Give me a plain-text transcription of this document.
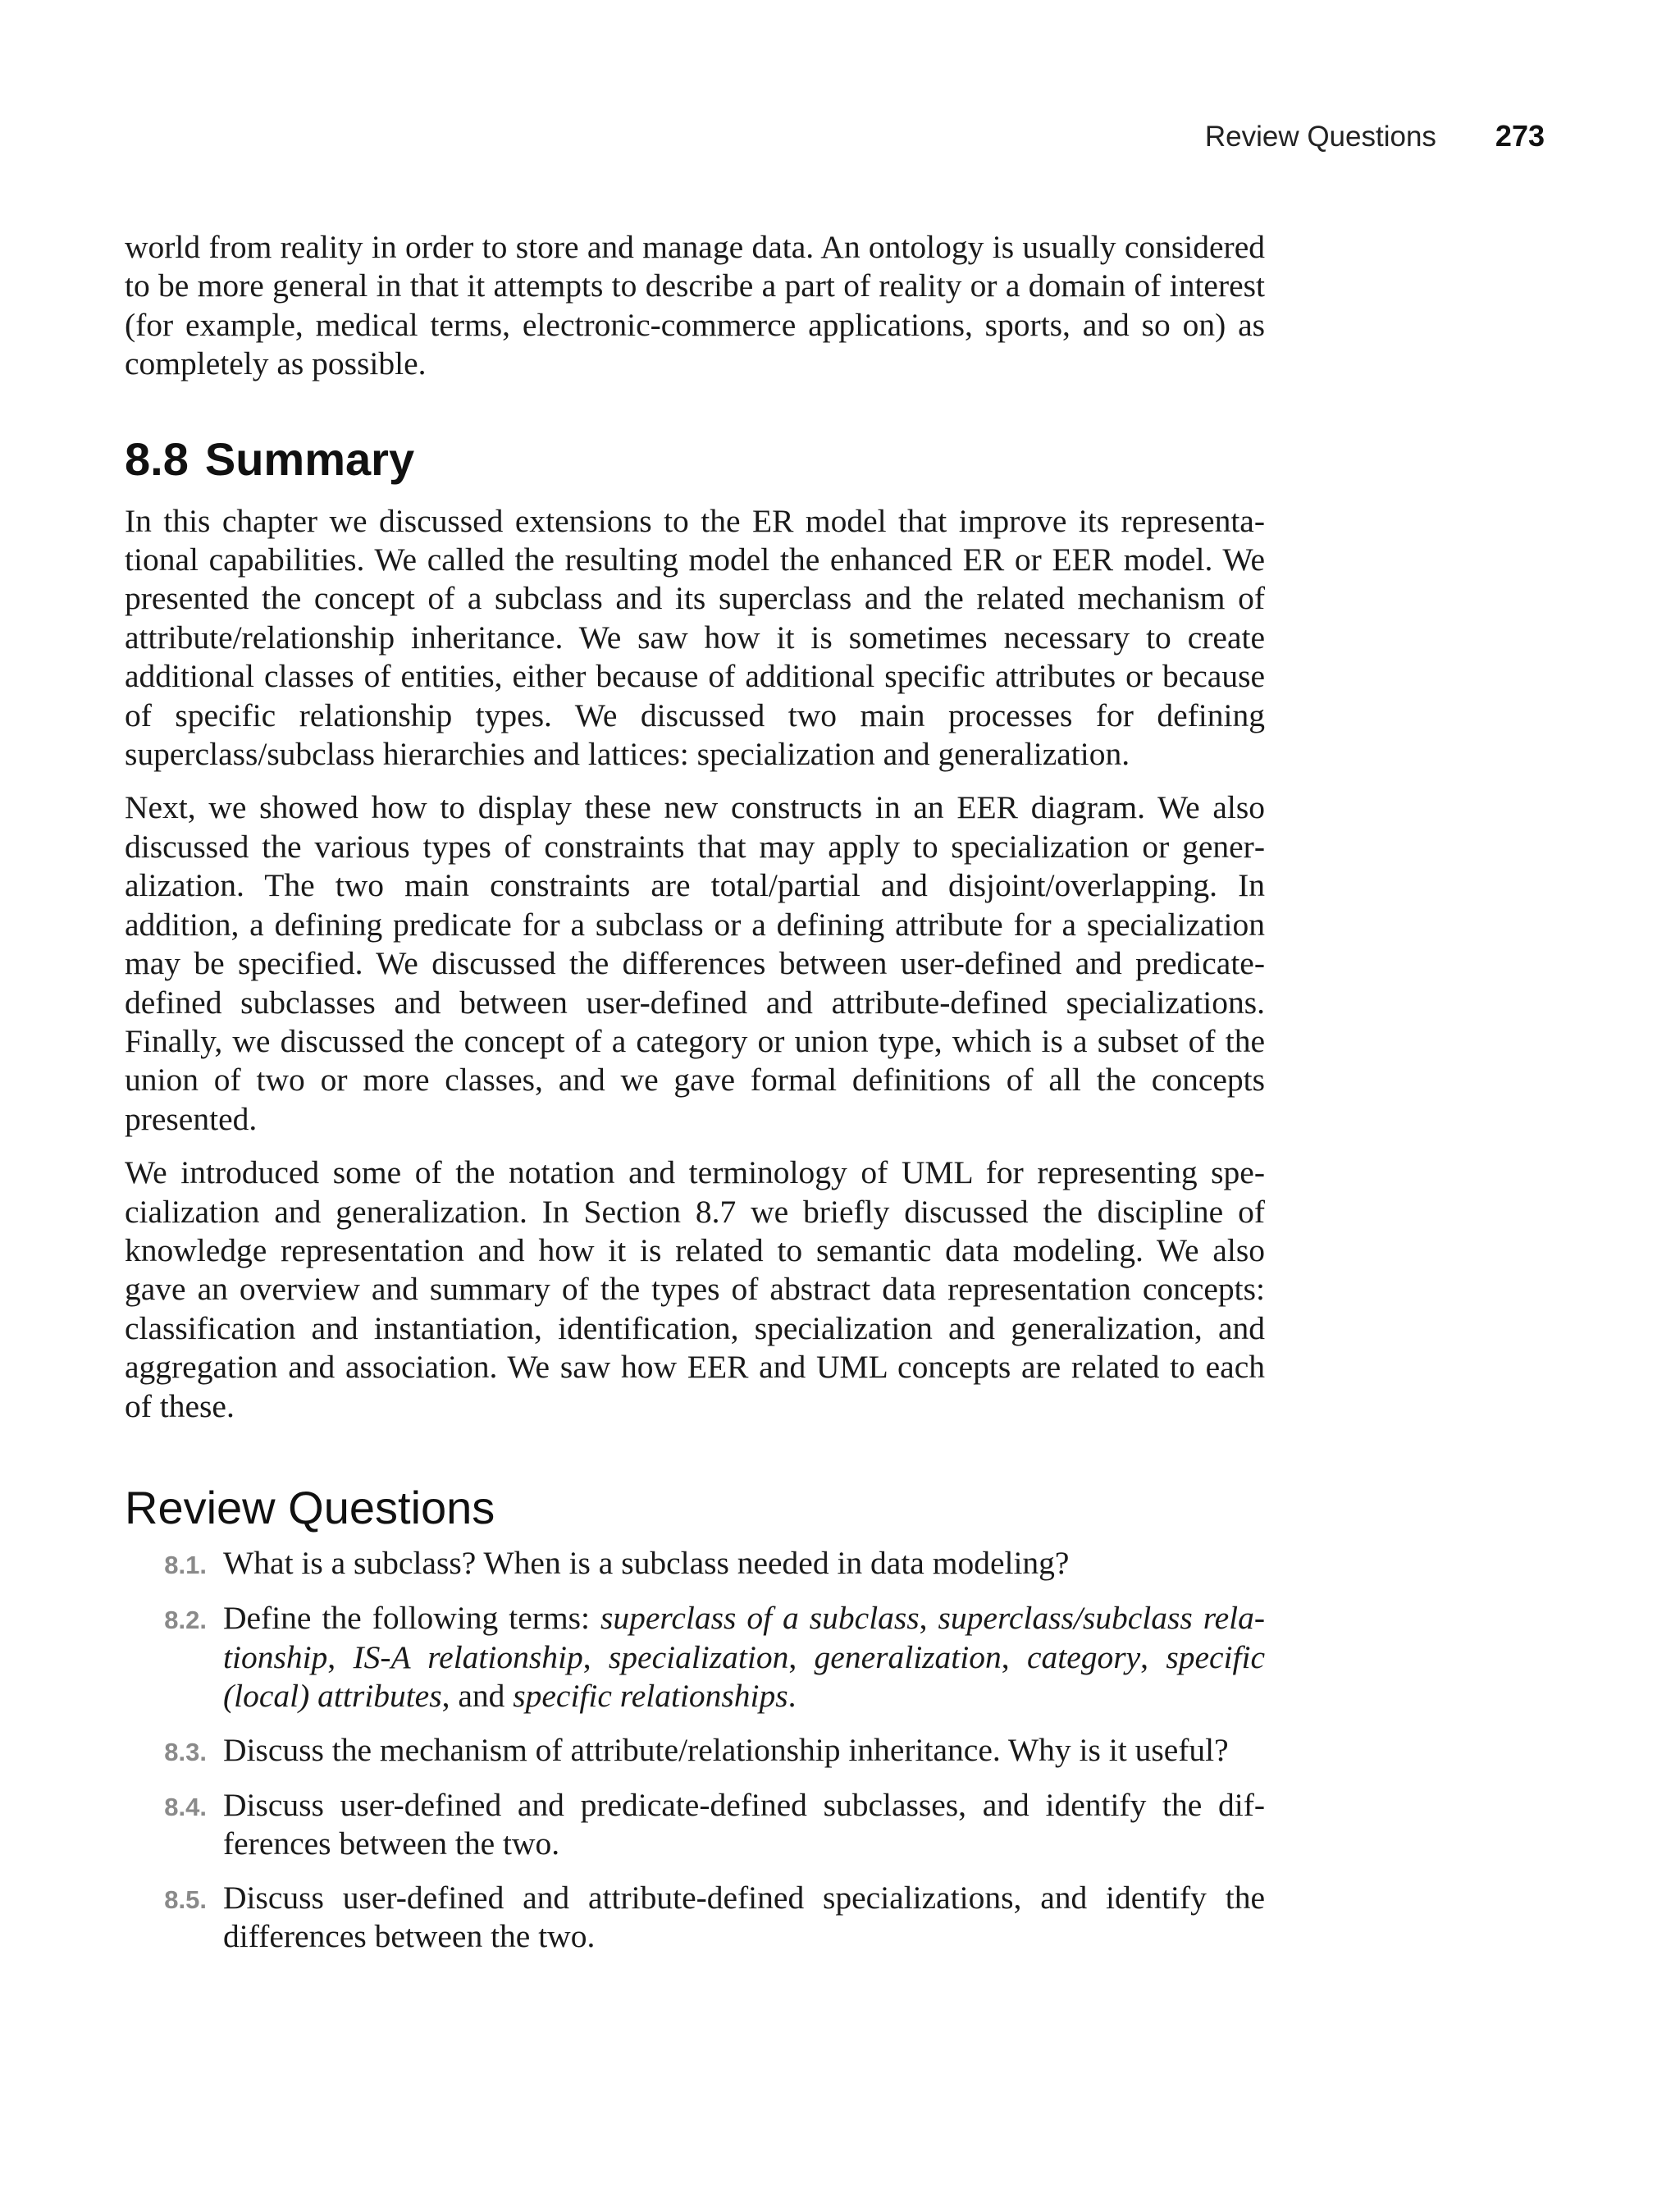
Review Questions 273

world from reality in order to store and manage data. An ontology is usually considered to be more general in that it attempts to describe a part of reality or a domain of interest (for example, medical terms, electronic-commerce applications, sports, and so on) as completely as possible.

8.8 Summary

In this chapter we discussed extensions to the ER model that improve its representational capabilities. We called the resulting model the enhanced ER or EER model. We presented the concept of a subclass and its superclass and the related mechanism of attribute/relationship inheritance. We saw how it is sometimes necessary to create additional classes of entities, either because of additional specific attributes or because of specific relationship types. We discussed two main processes for defining superclass/subclass hierarchies and lattices: specialization and generalization.

Next, we showed how to display these new constructs in an EER diagram. We also discussed the various types of constraints that may apply to specialization or generalization. The two main constraints are total/partial and disjoint/overlapping. In addition, a defining predicate for a subclass or a defining attribute for a specialization may be specified. We discussed the differences between user-defined and predicate-defined subclasses and between user-defined and attribute-defined specializations. Finally, we discussed the concept of a category or union type, which is a subset of the union of two or more classes, and we gave formal definitions of all the concepts presented.

We introduced some of the notation and terminology of UML for representing specialization and generalization. In Section 8.7 we briefly discussed the discipline of knowledge representation and how it is related to semantic data modeling. We also gave an overview and summary of the types of abstract data representation concepts: classification and instantiation, identification, specialization and generalization, and aggregation and association. We saw how EER and UML concepts are related to each of these.

Review Questions
8.1. What is a subclass? When is a subclass needed in data modeling?
8.2. Define the following terms: superclass of a subclass, superclass/subclass relationship, IS-A relationship, specialization, generalization, category, specific (local) attributes, and specific relationships.
8.3. Discuss the mechanism of attribute/relationship inheritance. Why is it useful?
8.4. Discuss user-defined and predicate-defined subclasses, and identify the differences between the two.
8.5. Discuss user-defined and attribute-defined specializations, and identify the differences between the two.
